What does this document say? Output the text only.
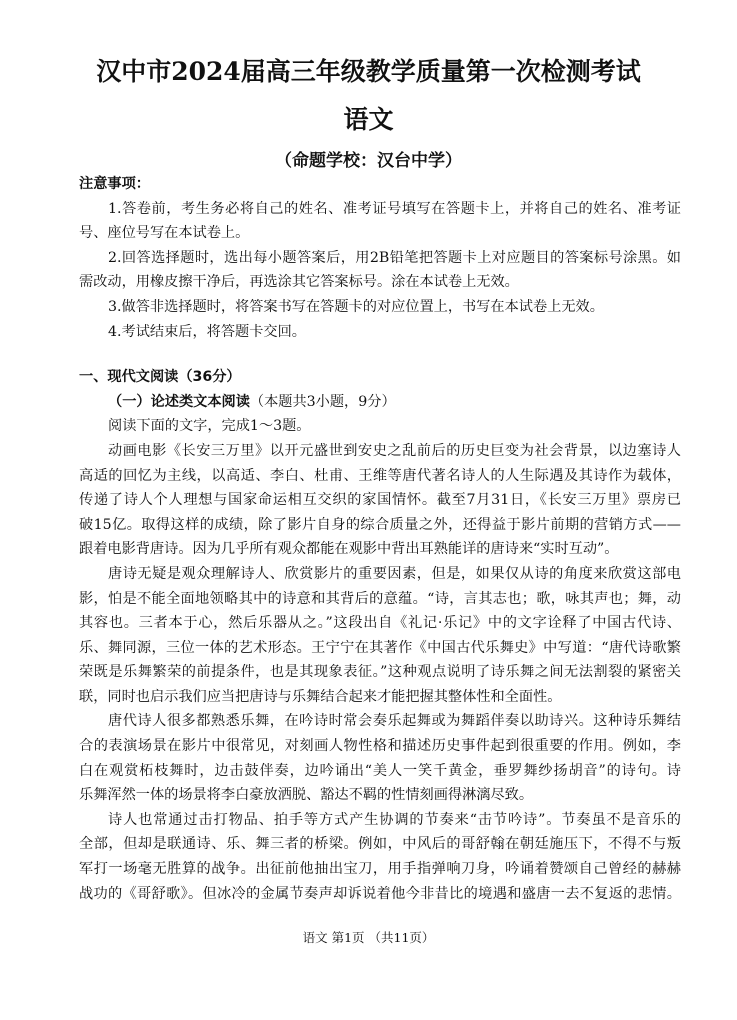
汉中市2024届高三年级教学质量第一次检测考试
语文
（命题学校：汉台中学）
注意事项：
1.答卷前，考生务必将自己的姓名、准考证号填写在答题卡上，并将自己的姓名、准考证
号、座位号写在本试卷上。
2.回答选择题时，选出每小题答案后，用2B铅笔把答题卡上对应题目的答案标号涂黑。如
需改动，用橡皮擦干净后，再选涂其它答案标号。涂在本试卷上无效。
3.做答非选择题时，将答案书写在答题卡的对应位置上，书写在本试卷上无效。
4.考试结束后，将答题卡交回。
一、现代文阅读（36分）
（一）论述类文本阅读（本题共3小题，9分）
阅读下面的文字，完成1～3题。
动画电影《长安三万里》以开元盛世到安史之乱前后的历史巨变为社会背景，以边塞诗人
高适的回忆为主线，以高适、李白、杜甫、王维等唐代著名诗人的人生际遇及其诗作为载体，
传递了诗人个人理想与国家命运相互交织的家国情怀。截至7月31日，《长安三万里》票房已
破15亿。取得这样的成绩，除了影片自身的综合质量之外，还得益于影片前期的营销方式——
跟着电影背唐诗。因为几乎所有观众都能在观影中背出耳熟能详的唐诗来“实时互动”。
唐诗无疑是观众理解诗人、欣赏影片的重要因素，但是，如果仅从诗的角度来欣赏这部电
影，怕是不能全面地领略其中的诗意和其背后的意蕴。“诗，言其志也；歌，咏其声也；舞，动
其容也。三者本于心，然后乐器从之。”这段出自《礼记·乐记》中的文字诠释了中国古代诗、
乐、舞同源，三位一体的艺术形态。王宁宁在其著作《中国古代乐舞史》中写道：“唐代诗歌繁
荣既是乐舞繁荣的前提条件，也是其现象表征。”这种观点说明了诗乐舞之间无法割裂的紧密关
联，同时也启示我们应当把唐诗与乐舞结合起来才能把握其整体性和全面性。
唐代诗人很多都熟悉乐舞，在吟诗时常会奏乐起舞或为舞蹈伴奏以助诗兴。这种诗乐舞结
合的表演场景在影片中很常见，对刻画人物性格和描述历史事件起到很重要的作用。例如，李
白在观赏柘枝舞时，边击鼓伴奏，边吟诵出“美人一笑千黄金，垂罗舞纱扬胡音”的诗句。诗
乐舞浑然一体的场景将李白豪放洒脱、豁达不羁的性情刻画得淋漓尽致。
诗人也常通过击打物品、拍手等方式产生协调的节奏来“击节吟诗”。节奏虽不是音乐的
全部，但却是联通诗、乐、舞三者的桥梁。例如，中风后的哥舒翰在朝廷施压下，不得不与叛
军打一场毫无胜算的战争。出征前他抽出宝刀，用手指弹响刀身，吟诵着赞颂自己曾经的赫赫
战功的《哥舒歌》。但冰冷的金属节奏声却诉说着他今非昔比的境遇和盛唐一去不复返的悲情。
语文 第1页 （共11页）
